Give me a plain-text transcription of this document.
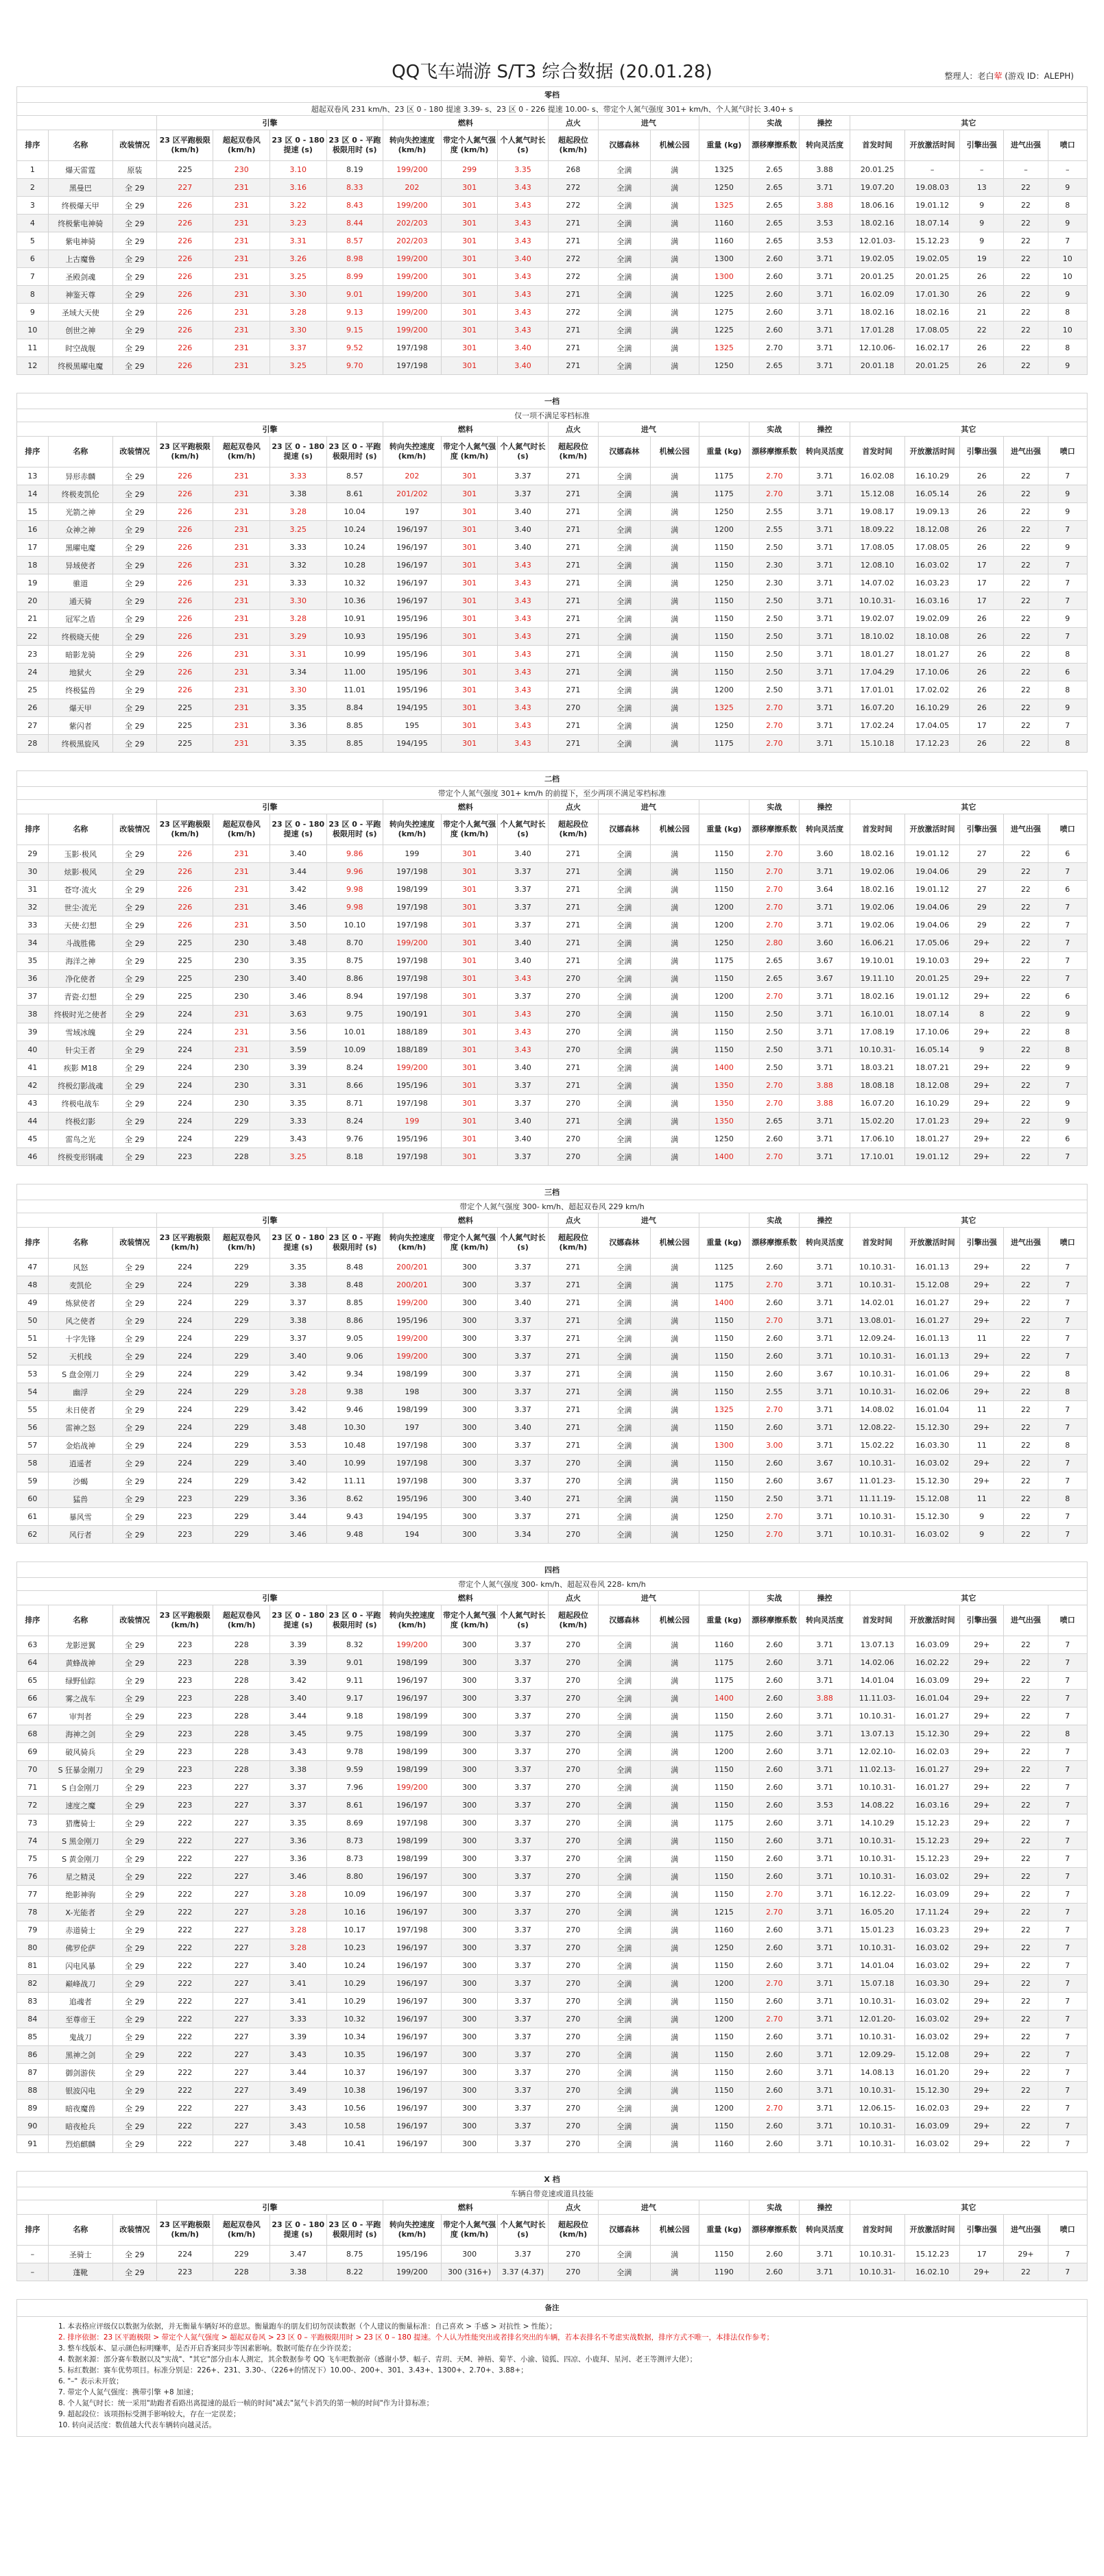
QQ飞车端游 S/T3 综合数据 (20.01.28)	整理人：老白荤 (游戏 ID：ALEPH)
零档																				
超起双卷风 231 km/h、23 区 0 - 180 提速 3.39- s、23 区 0 - 226 提速 10.00- s、带定个人氮气强度 301+ km/h、个人氮气时长 3.40+ s																				
			引擎				燃料			点火	进气			实战	操控	其它				
排序	名称	改装情况	23 区平跑极限(km/h)	超起双卷风(km/h)	23 区 0 - 180 提速 (s)	23 区 0 - 平跑极限用时 (s)	转向失控速度 (km/h)	带定个人氮气强度 (km/h)	个人氮气时长 (s)	超起段位(km/h)	汉娜森林	机械公园	重量 (kg)	漂移摩擦系数	转向灵活度	首发时间	开放激活时间	引擎出强	进气出强	喷口
1	爆天雷霆	原装	225	230	3.10	8.19	199/200	299	3.35	268	全满	满	1325	2.65	3.88	20.01.25	–	–	–	–
2	黑曼巴	全 29	227	231	3.16	8.33	202	301	3.43	272	全满	满	1250	2.65	3.71	19.07.20	19.08.03	13	22	9
3	终极爆天甲	全 29	226	231	3.22	8.43	199/200	301	3.43	272	全满	满	1325	2.65	3.88	18.06.16	19.01.12	9	22	8
4	终极紫电神骑	全 29	226	231	3.23	8.44	202/203	301	3.43	271	全满	满	1160	2.65	3.53	18.02.16	18.07.14	9	22	9
5	紫电神骑	全 29	226	231	3.31	8.57	202/203	301	3.43	271	全满	满	1160	2.65	3.53	12.01.03-	15.12.23	9	22	7
6	上古魔鲁	全 29	226	231	3.26	8.98	199/200	301	3.40	272	全满	满	1300	2.60	3.71	19.02.05	19.02.05	19	22	10
7	圣殿剑魂	全 29	226	231	3.25	8.99	199/200	301	3.43	272	全满	满	1300	2.60	3.71	20.01.25	20.01.25	26	22	10
8	神鉴天尊	全 29	226	231	3.30	9.01	199/200	301	3.43	271	全满	满	1225	2.60	3.71	16.02.09	17.01.30	26	22	9
9	圣域大天使	全 29	226	231	3.28	9.13	199/200	301	3.43	272	全满	满	1275	2.60	3.71	18.02.16	18.02.16	21	22	8
10	创世之神	全 29	226	231	3.30	9.15	199/200	301	3.43	271	全满	满	1225	2.60	3.71	17.01.28	17.08.05	22	22	10
11	时空战舰	全 29	226	231	3.37	9.52	197/198	301	3.40	271	全满	满	1325	2.70	3.71	12.10.06-	16.02.17	26	22	8
12	终极黑曜电魔	全 29	226	231	3.25	9.70	197/198	301	3.40	271	全满	满	1250	2.65	3.71	20.01.18	20.01.25	26	22	9

一档																				
仅一项不满足零档标准																				
			引擎				燃料			点火	进气			实战	操控	其它				
排序	名称	改装情况	23 区平跑极限(km/h)	超起双卷风(km/h)	23 区 0 - 180 提速 (s)	23 区 0 - 平跑极限用时 (s)	转向失控速度 (km/h)	带定个人氮气强度 (km/h)	个人氮气时长 (s)	超起段位(km/h)	汉娜森林	机械公园	重量 (kg)	漂移摩擦系数	转向灵活度	首发时间	开放激活时间	引擎出强	进气出强	喷口
13	异形赤麟	全 29	226	231	3.33	8.57	202	301	3.37	271	全满	满	1175	2.70	3.71	16.02.08	16.10.29	26	22	7
14	终极麦凯伦	全 29	226	231	3.38	8.61	201/202	301	3.37	271	全满	满	1175	2.70	3.71	15.12.08	16.05.14	26	22	9
15	光箭之神	全 29	226	231	3.28	10.04	197	301	3.40	271	全满	满	1250	2.55	3.71	19.08.17	19.09.13	26	22	9
16	众神之神	全 29	226	231	3.25	10.24	196/197	301	3.40	271	全满	满	1200	2.55	3.71	18.09.22	18.12.08	26	22	7
17	黑曜电魔	全 29	226	231	3.33	10.24	196/197	301	3.40	271	全满	满	1150	2.50	3.71	17.08.05	17.08.05	26	22	9
18	异域使者	全 29	226	231	3.32	10.28	196/197	301	3.43	271	全满	满	1150	2.30	3.71	12.08.10	16.03.02	17	22	7
19	骓道	全 29	226	231	3.33	10.32	196/197	301	3.43	271	全满	满	1250	2.30	3.71	14.07.02	16.03.23	17	22	7
20	通天骑	全 29	226	231	3.30	10.36	196/197	301	3.43	271	全满	满	1150	2.50	3.71	10.10.31-	16.03.16	17	22	7
21	冠军之盾	全 29	226	231	3.28	10.91	195/196	301	3.43	271	全满	满	1150	2.50	3.71	19.02.07	19.02.09	26	22	9
22	终极晓天使	全 29	226	231	3.29	10.93	195/196	301	3.43	271	全满	满	1150	2.50	3.71	18.10.02	18.10.08	26	22	7
23	暗影龙骑	全 29	226	231	3.31	10.99	195/196	301	3.43	271	全满	满	1150	2.50	3.71	18.01.27	18.01.27	26	22	8
24	地狱火	全 29	226	231	3.34	11.00	195/196	301	3.43	271	全满	满	1150	2.50	3.71	17.04.29	17.10.06	26	22	6
25	终极猛兽	全 29	226	231	3.30	11.01	195/196	301	3.43	271	全满	满	1200	2.50	3.71	17.01.01	17.02.02	26	22	8
26	爆天甲	全 29	225	231	3.35	8.84	194/195	301	3.43	270	全满	满	1325	2.70	3.71	16.07.20	16.10.29	26	22	9
27	紫闪者	全 29	225	231	3.36	8.85	195	301	3.43	271	全满	满	1250	2.70	3.71	17.02.24	17.04.05	17	22	7
28	终极黑旋风	全 29	225	231	3.35	8.85	194/195	301	3.43	271	全满	满	1175	2.70	3.71	15.10.18	17.12.23	26	22	8

二档																				
带定个人氮气强度 301+ km/h 的前提下，至少两项不满足零档标准																				
			引擎				燃料			点火	进气			实战	操控	其它				
排序	名称	改装情况	23 区平跑极限(km/h)	超起双卷风(km/h)	23 区 0 - 180 提速 (s)	23 区 0 - 平跑极限用时 (s)	转向失控速度 (km/h)	带定个人氮气强度 (km/h)	个人氮气时长 (s)	超起段位(km/h)	汉娜森林	机械公园	重量 (kg)	漂移摩擦系数	转向灵活度	首发时间	开放激活时间	引擎出强	进气出强	喷口
29	玉影·极风	全 29	226	231	3.40	9.86	199	301	3.40	271	全满	满	1150	2.70	3.60	18.02.16	19.01.12	27	22	6
30	炫影·极风	全 29	226	231	3.44	9.96	197/198	301	3.37	271	全满	满	1150	2.70	3.71	19.02.06	19.04.06	29	22	7
31	苍穹·流火	全 29	226	231	3.42	9.98	198/199	301	3.37	271	全满	满	1150	2.70	3.64	18.02.16	19.01.12	27	22	6
32	世尘·流光	全 29	226	231	3.46	9.98	197/198	301	3.37	271	全满	满	1200	2.70	3.71	19.02.06	19.04.06	29	22	7
33	天使·幻想	全 29	226	231	3.50	10.10	197/198	301	3.37	271	全满	满	1200	2.70	3.71	19.02.06	19.04.06	29	22	7
34	斗战胜佛	全 29	225	230	3.48	8.70	199/200	301	3.40	271	全满	满	1250	2.80	3.60	16.06.21	17.05.06	29+	22	7
35	海洋之神	全 29	225	230	3.35	8.75	197/198	301	3.40	271	全满	满	1175	2.65	3.67	19.10.01	19.10.03	29+	22	7
36	净化使者	全 29	225	230	3.40	8.86	197/198	301	3.43	270	全满	满	1150	2.65	3.67	19.11.10	20.01.25	29+	22	7
37	青瓷·幻想	全 29	225	230	3.46	8.94	197/198	301	3.37	270	全满	满	1200	2.70	3.71	18.02.16	19.01.12	29+	22	6
38	终极时光之使者	全 29	224	231	3.63	9.75	190/191	301	3.43	270	全满	满	1150	2.50	3.71	16.10.01	18.07.14	8	22	9
39	雪域冰魄	全 29	224	231	3.56	10.01	188/189	301	3.43	270	全满	满	1150	2.50	3.71	17.08.19	17.10.06	29+	22	8
40	针尖王者	全 29	224	231	3.59	10.09	188/189	301	3.43	270	全满	满	1150	2.50	3.71	10.10.31-	16.05.14	9	22	8
41	疾影 M18	全 29	224	230	3.39	8.24	199/200	301	3.40	271	全满	满	1400	2.50	3.71	18.03.21	18.07.21	29+	22	9
42	终极幻影战魂	全 29	224	230	3.31	8.66	195/196	301	3.37	271	全满	满	1350	2.70	3.88	18.08.18	18.12.08	29+	22	7
43	终极电战车	全 29	224	230	3.35	8.71	197/198	301	3.37	270	全满	满	1350	2.70	3.88	16.07.20	16.10.29	29+	22	9
44	终极幻影	全 29	224	229	3.33	8.24	199	301	3.40	271	全满	满	1350	2.65	3.71	15.02.20	17.01.23	29+	22	9
45	雷鸟之光	全 29	224	229	3.43	9.76	195/196	301	3.40	270	全满	满	1250	2.60	3.71	17.06.10	18.01.27	29+	22	6
46	终极变形钢魂	全 29	223	228	3.25	8.18	197/198	301	3.37	270	全满	满	1400	2.70	3.71	17.10.01	19.01.12	29+	22	7

三档																				
带定个人氮气强度 300- km/h、超起双卷风 229 km/h																				
			引擎				燃料			点火	进气			实战	操控	其它				
排序	名称	改装情况	23 区平跑极限(km/h)	超起双卷风(km/h)	23 区 0 - 180 提速 (s)	23 区 0 - 平跑极限用时 (s)	转向失控速度 (km/h)	带定个人氮气强度 (km/h)	个人氮气时长 (s)	超起段位(km/h)	汉娜森林	机械公园	重量 (kg)	漂移摩擦系数	转向灵活度	首发时间	开放激活时间	引擎出强	进气出强	喷口
47	风怒	全 29	224	229	3.35	8.48	200/201	300	3.37	271	全满	满	1125	2.60	3.71	10.10.31-	16.01.13	29+	22	7
48	麦凯伦	全 29	224	229	3.38	8.48	200/201	300	3.37	271	全满	满	1175	2.70	3.71	10.10.31-	15.12.08	29+	22	7
49	炼狱使者	全 29	224	229	3.37	8.85	199/200	300	3.40	271	全满	满	1400	2.60	3.71	14.02.01	16.01.27	29+	22	7
50	风之使者	全 29	224	229	3.38	8.86	195/196	300	3.37	271	全满	满	1150	2.70	3.71	13.08.01-	16.01.27	29+	22	7
51	十字先锋	全 29	224	229	3.37	9.05	199/200	300	3.37	271	全满	满	1150	2.60	3.71	12.09.24-	16.01.13	11	22	7
52	天机线	全 29	224	229	3.40	9.06	199/200	300	3.37	271	全满	满	1150	2.60	3.71	10.10.31-	16.01.13	29+	22	7
53	S 盘金刚刀	全 29	224	229	3.42	9.34	198/199	300	3.37	271	全满	满	1150	2.60	3.67	10.10.31-	16.01.06	29+	22	8
54	幽浮	全 29	224	229	3.28	9.38	198	300	3.37	271	全满	满	1150	2.55	3.71	10.10.31-	16.02.06	29+	22	8
55	未日使者	全 29	224	229	3.42	9.46	198/199	300	3.37	271	全满	满	1325	2.70	3.71	14.08.02	16.01.04	11	22	7
56	雷神之怒	全 29	224	229	3.48	10.30	197	300	3.40	271	全满	满	1150	2.60	3.71	12.08.22-	15.12.30	29+	22	7
57	金焰战神	全 29	224	229	3.53	10.48	197/198	300	3.37	271	全满	满	1300	3.00	3.71	15.02.22	16.03.30	11	22	8
58	逍遥者	全 29	224	229	3.40	10.99	197/198	300	3.37	270	全满	满	1150	2.60	3.67	10.10.31-	16.03.02	29+	22	7
59	沙蝎	全 29	224	229	3.42	11.11	197/198	300	3.37	270	全满	满	1150	2.60	3.67	11.01.23-	15.12.30	29+	22	7
60	猛兽	全 29	223	229	3.36	8.62	195/196	300	3.40	271	全满	满	1150	2.50	3.71	11.11.19-	15.12.08	11	22	8
61	暴风雪	全 29	223	229	3.44	9.43	194/195	300	3.37	271	全满	满	1250	2.70	3.71	10.10.31-	15.12.30	9	22	7
62	风行者	全 29	223	229	3.46	9.48	194	300	3.34	270	全满	满	1250	2.70	3.71	10.10.31-	16.03.02	9	22	7

四档																				
带定个人氮气强度 300- km/h、超起双卷风 228- km/h																				
			引擎				燃料			点火	进气			实战	操控	其它				
排序	名称	改装情况	23 区平跑极限(km/h)	超起双卷风(km/h)	23 区 0 - 180 提速 (s)	23 区 0 - 平跑极限用时 (s)	转向失控速度 (km/h)	带定个人氮气强度 (km/h)	个人氮气时长 (s)	超起段位(km/h)	汉娜森林	机械公园	重量 (kg)	漂移摩擦系数	转向灵活度	首发时间	开放激活时间	引擎出强	进气出强	喷口
63	龙影逆翼	全 29	223	228	3.39	8.32	199/200	300	3.37	270	全满	满	1160	2.60	3.71	13.07.13	16.03.09	29+	22	7
64	黄蜂战神	全 29	223	228	3.39	9.01	198/199	300	3.37	270	全满	满	1175	2.60	3.71	14.02.06	16.02.22	29+	22	7
65	绿野仙踪	全 29	223	228	3.42	9.11	196/197	300	3.37	270	全满	满	1175	2.60	3.71	14.01.04	16.03.09	29+	22	7
66	雾之战车	全 29	223	228	3.40	9.17	196/197	300	3.37	270	全满	满	1400	2.60	3.88	11.11.03-	16.01.04	29+	22	7
67	审判者	全 29	223	228	3.44	9.18	198/199	300	3.37	270	全满	满	1150	2.60	3.71	10.10.31-	16.01.27	29+	22	7
68	海神之剑	全 29	223	228	3.45	9.75	198/199	300	3.37	270	全满	满	1175	2.60	3.71	13.07.13	15.12.30	29+	22	8
69	破风骑兵	全 29	223	228	3.43	9.78	198/199	300	3.37	270	全满	满	1200	2.60	3.71	12.02.10-	16.02.03	29+	22	7
70	S 狂暴金刚刀	全 29	223	228	3.38	9.59	198/199	300	3.37	270	全满	满	1150	2.60	3.71	11.02.13-	16.01.27	29+	22	7
71	S 白金刚刀	全 29	223	227	3.37	7.96	199/200	300	3.37	270	全满	满	1150	2.60	3.71	10.10.31-	16.01.27	29+	22	7
72	速度之魔	全 29	223	227	3.37	8.61	196/197	300	3.37	270	全满	满	1150	2.60	3.53	14.08.22	16.03.16	29+	22	7
73	猎鹰骑士	全 29	222	227	3.35	8.69	197/198	300	3.37	270	全满	满	1175	2.60	3.71	14.10.29	15.12.23	29+	22	7
74	S 黑金刚刀	全 29	222	227	3.36	8.73	198/199	300	3.37	270	全满	满	1150	2.60	3.71	10.10.31-	15.12.23	29+	22	7
75	S 黄金刚刀	全 29	222	227	3.36	8.73	198/199	300	3.37	270	全满	满	1150	2.60	3.71	10.10.31-	15.12.23	29+	22	7
76	星之精灵	全 29	222	227	3.46	8.80	196/197	300	3.37	270	全满	满	1150	2.60	3.71	10.10.31-	16.03.02	29+	22	7
77	绝影神驹	全 29	222	227	3.28	10.09	196/197	300	3.37	270	全满	满	1150	2.70	3.71	16.12.22-	16.03.09	29+	22	7
78	X-光能者	全 29	222	227	3.28	10.16	196/197	300	3.37	270	全满	满	1215	2.70	3.71	16.05.20	17.11.24	29+	22	7
79	赤道骑士	全 29	222	227	3.28	10.17	197/198	300	3.37	270	全满	满	1160	2.60	3.71	15.01.23	16.03.23	29+	22	7
80	佛罗伦萨	全 29	222	227	3.28	10.23	196/197	300	3.37	270	全满	满	1250	2.60	3.71	10.10.31-	16.03.02	29+	22	7
81	闪电风暴	全 29	222	227	3.40	10.24	196/197	300	3.37	270	全满	满	1150	2.60	3.71	14.01.04	16.03.02	29+	22	7
82	巅峰战刀	全 29	222	227	3.41	10.29	196/197	300	3.37	270	全满	满	1200	2.70	3.71	15.07.18	16.03.30	29+	22	7
83	追魂者	全 29	222	227	3.41	10.29	196/197	300	3.37	270	全满	满	1150	2.60	3.71	10.10.31-	16.03.02	29+	22	7
84	至尊帝王	全 29	222	227	3.33	10.32	196/197	300	3.37	270	全满	满	1200	2.70	3.71	12.01.20-	16.03.02	29+	22	7
85	鬼战刀	全 29	222	227	3.39	10.34	196/197	300	3.37	270	全满	满	1150	2.60	3.71	10.10.31-	16.03.02	29+	22	7
86	黑神之剑	全 29	222	227	3.43	10.35	196/197	300	3.37	270	全满	满	1150	2.60	3.71	12.09.29-	15.12.08	29+	22	7
87	御剑游侠	全 29	222	227	3.44	10.37	196/197	300	3.37	270	全满	满	1150	2.60	3.71	14.08.13	16.01.20	29+	22	7
88	银波闪电	全 29	222	227	3.49	10.38	196/197	300	3.37	270	全满	满	1150	2.60	3.71	10.10.31-	15.12.30	29+	22	7
89	暗夜魔兽	全 29	222	227	3.43	10.56	196/197	300	3.37	270	全满	满	1200	2.70	3.71	12.06.15-	16.02.03	29+	22	7
90	暗夜枪兵	全 29	222	227	3.43	10.58	196/197	300	3.37	270	全满	满	1150	2.60	3.71	10.10.31-	16.03.09	29+	22	7
91	烈焰麒麟	全 29	222	227	3.48	10.41	196/197	300	3.37	270	全满	满	1160	2.60	3.71	10.10.31-	16.03.02	29+	22	7

X 档																				
车辆自带竞速或道具技能																				
			引擎				燃料			点火	进气			实战	操控	其它				
排序	名称	改装情况	23 区平跑极限(km/h)	超起双卷风(km/h)	23 区 0 - 180 提速 (s)	23 区 0 - 平跑极限用时 (s)	转向失控速度 (km/h)	带定个人氮气强度 (km/h)	个人氮气时长 (s)	超起段位(km/h)	汉娜森林	机械公园	重量 (kg)	漂移摩擦系数	转向灵活度	首发时间	开放激活时间	引擎出强	进气出强	喷口
–	圣骑士	全 29	224	229	3.47	8.75	195/196	300	3.37	270	全满	满	1150	2.60	3.71	10.10.31-	15.12.23	17	29+	7
–	蓬靴	全 29	223	228	3.38	8.22	199/200	300 (316+)	3.37 (4.37)	270	全满	满	1190	2.60	3.71	10.10.31-	16.02.10	29+	22	7
备注
1. 本表格应评级仅以数据为依据，并无衡量车辆好坏的意思。衡量跑车的朋友们切勿误读数据（个人建议的衡量标准：自己喜欢 > 手感 > 对抗性 > 性能）；
2. 排序依据：23 区平跑极限 > 带定个人氮气强度 > 超起双卷风 > 23 区 0 – 平跑极限用时 > 23 区 0 – 180 提速。个人认为性能突出或者排名突出的车辆，若本表排名不考虑实战数据，排序方式不唯一，本排法仅作参考；
3. 整车线版本、显示颜色标明赚率，是否开启香案同步等因素影响。数据可能存在少许误差；
4. 数据来源：部分赛车数据以及"实战"、"其它"部分由本人测定，其余数据参考 QQ 飞车吧数据帝（感谢小梦、幅子、青玥、天M、神梧、菊芊、小渝、镜狐、四凉、小鹿拜、星河、老王等测评大佬）；
5. 标红数据：赛车优势项目。标准分别是：226+、231、3.30-、（226+的情况下）10.00-、200+、301、3.43+、1300+、2.70+、3.88+；
6. "–" 表示未开放；
7. 带定个人氮气强度：携带引擎 +8 加速；
8. 个人氮气时长：统一采用"助跑者看路出离提速的最后一帧的时间"减去"氮气卡消失的第一帧的时间"作为计算标准；
9. 超起段位：该项指标受测手影响较大，存在一定误差；
10. 转向灵活度：数值越大代表车辆转向越灵活。
